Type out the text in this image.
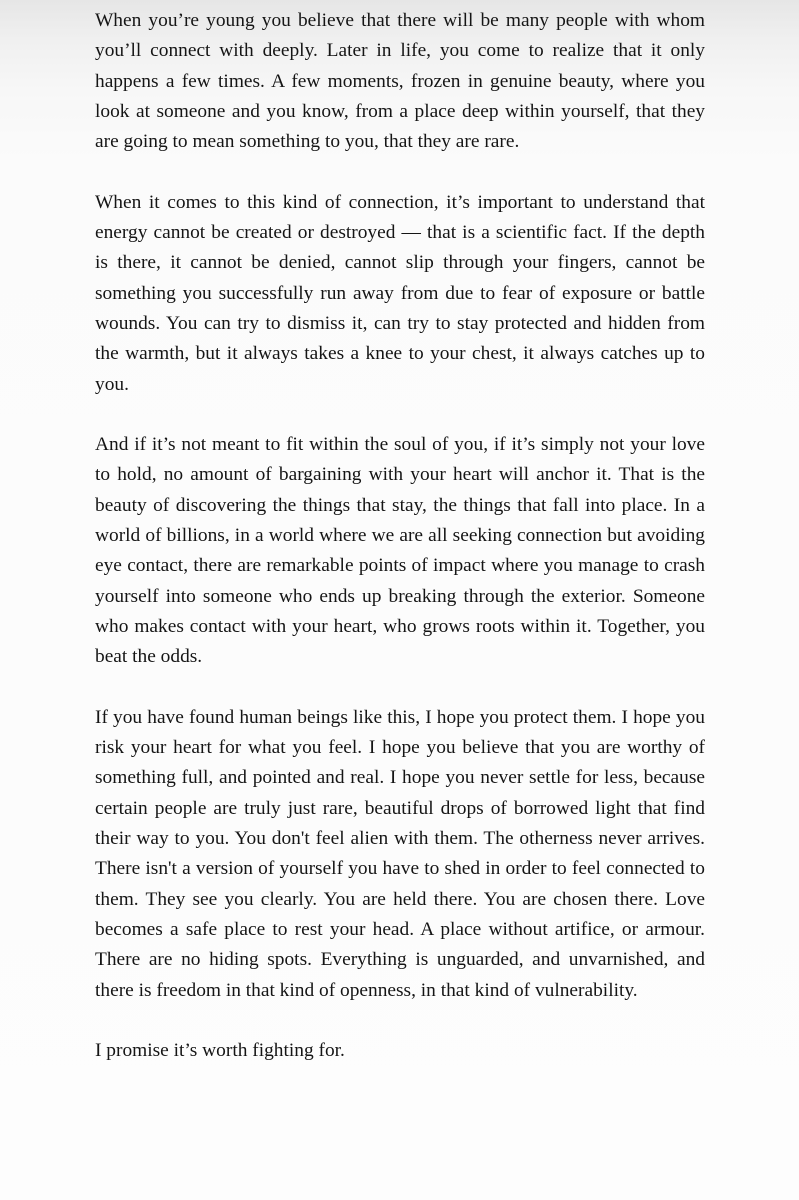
When you’re young you believe that there will be many people with whom you’ll connect with deeply. Later in life, you come to realize that it only happens a few times. A few moments, frozen in genuine beauty, where you look at someone and you know, from a place deep within yourself, that they are going to mean something to you, that they are rare.

When it comes to this kind of connection, it’s important to understand that energy cannot be created or destroyed — that is a scientific fact. If the depth is there, it cannot be denied, cannot slip through your fingers, cannot be something you successfully run away from due to fear of exposure or battle wounds. You can try to dismiss it, can try to stay protected and hidden from the warmth, but it always takes a knee to your chest, it always catches up to you.

And if it’s not meant to fit within the soul of you, if it’s simply not your love to hold, no amount of bargaining with your heart will anchor it. That is the beauty of discovering the things that stay, the things that fall into place. In a world of billions, in a world where we are all seeking connection but avoiding eye contact, there are remarkable points of impact where you manage to crash yourself into someone who ends up breaking through the exterior. Someone who makes contact with your heart, who grows roots within it. Together, you beat the odds.

If you have found human beings like this, I hope you protect them. I hope you risk your heart for what you feel. I hope you believe that you are worthy of something full, and pointed and real. I hope you never settle for less, because certain people are truly just rare, beautiful drops of borrowed light that find their way to you. You don't feel alien with them. The otherness never arrives. There isn't a version of yourself you have to shed in order to feel connected to them. They see you clearly. You are held there. You are chosen there. Love becomes a safe place to rest your head. A place without artifice, or armour. There are no hiding spots. Everything is unguarded, and unvarnished, and there is freedom in that kind of openness, in that kind of vulnerability.

I promise it’s worth fighting for.
